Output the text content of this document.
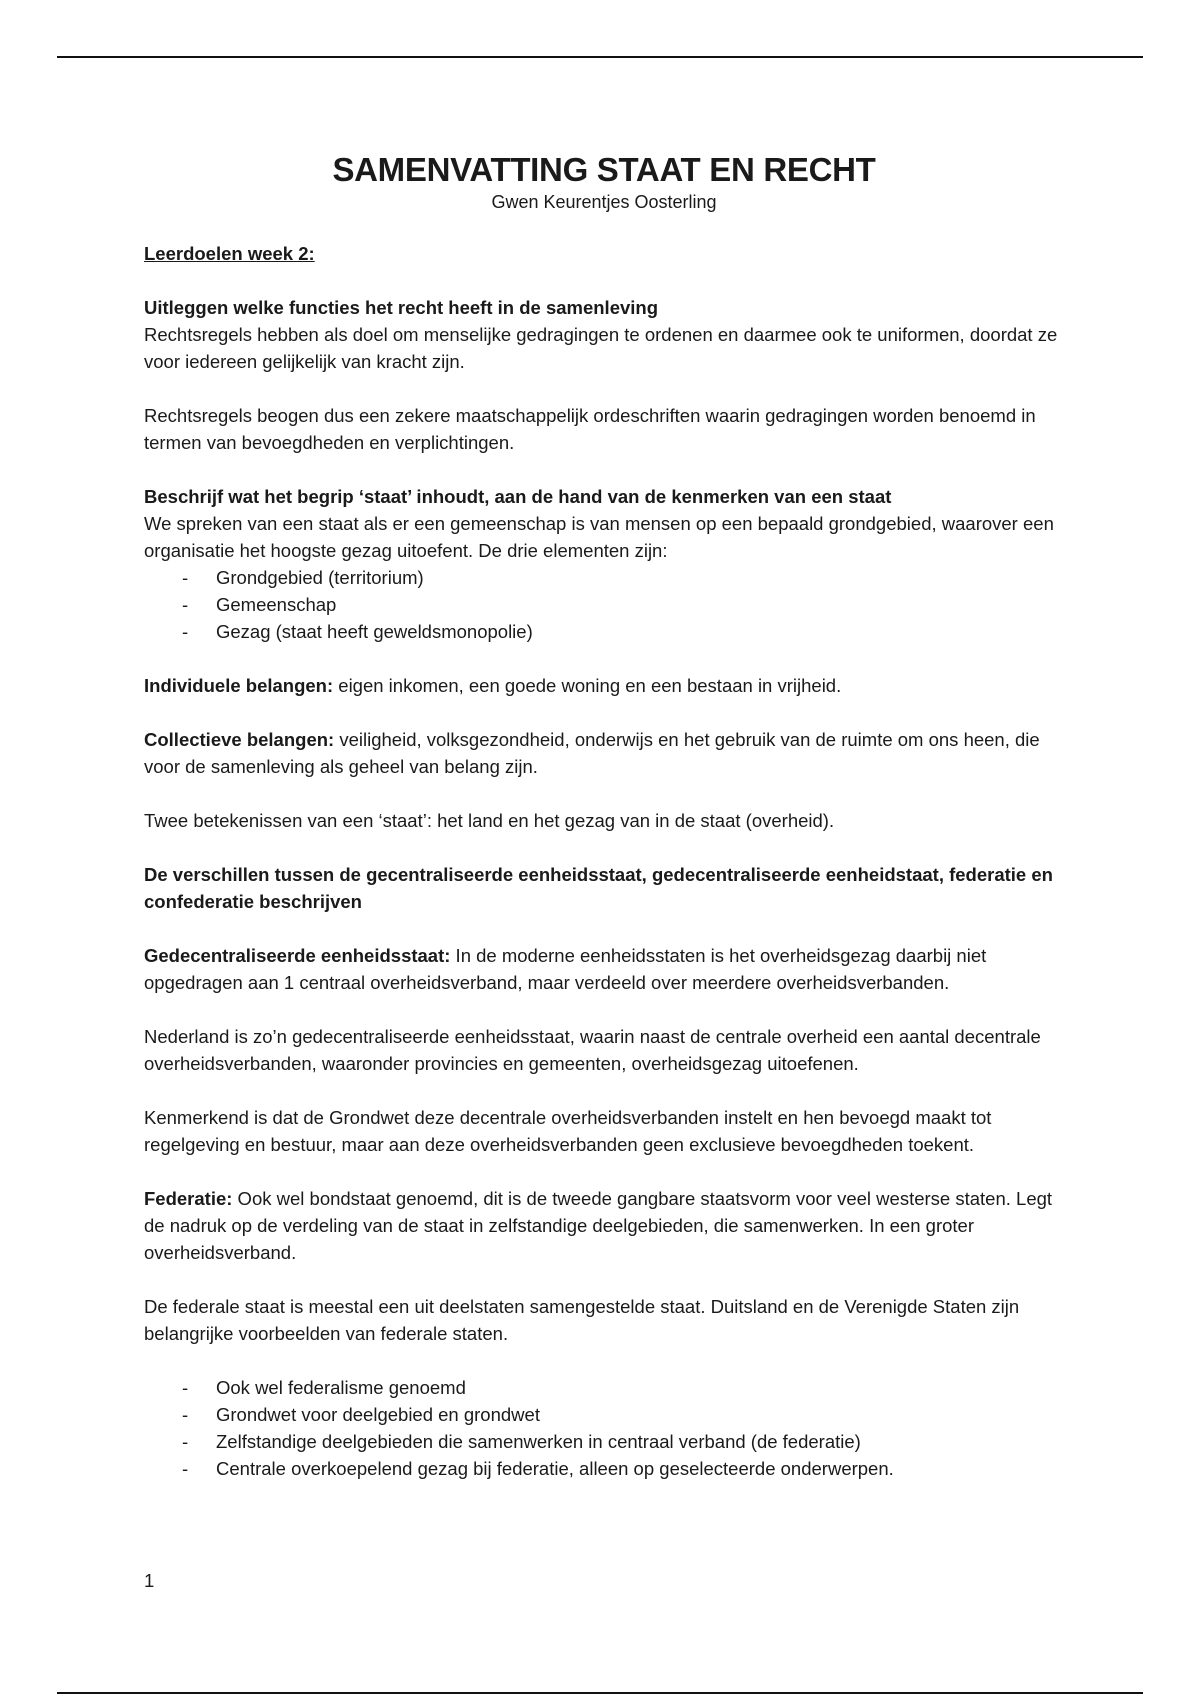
SAMENVATTING STAAT EN RECHT
Gwen Keurentjes Oosterling

Leerdoelen week 2:

Uitleggen welke functies het recht heeft in de samenleving

Rechtsregels hebben als doel om menselijke gedragingen te ordenen en daarmee ook te uniformen, doordat ze voor iedereen gelijkelijk van kracht zijn.

Rechtsregels beogen dus een zekere maatschappelijk ordeschriften waarin gedragingen worden benoemd in termen van bevoegdheden en verplichtingen.

Beschrijf wat het begrip ‘staat’ inhoudt, aan de hand van de kenmerken van een staat
We spreken van een staat als er een gemeenschap is van mensen op een bepaald grondgebied, waarover een organisatie het hoogste gezag uitoefent. De drie elementen zijn:
- Grondgebied (territorium)
- Gemeenschap
- Gezag (staat heeft geweldsmonopolie)

Individuele belangen: eigen inkomen, een goede woning en een bestaan in vrijheid.

Collectieve belangen: veiligheid, volksgezondheid, onderwijs en het gebruik van de ruimte om ons heen, die voor de samenleving als geheel van belang zijn.

Twee betekenissen van een ‘staat’: het land en het gezag van in de staat (overheid).

De verschillen tussen de gecentraliseerde eenheidsstaat, gedecentraliseerde eenheidstaat, federatie en confederatie beschrijven

Gedecentraliseerde eenheidsstaat: In de moderne eenheidsstaten is het overheidsgezag daarbij niet opgedragen aan 1 centraal overheidsverband, maar verdeeld over meerdere overheidsverbanden.

Nederland is zo’n gedecentraliseerde eenheidsstaat, waarin naast de centrale overheid een aantal decentrale overheidsverbanden, waaronder provincies en gemeenten, overheidsgezag uitoefenen.

Kenmerkend is dat de Grondwet deze decentrale overheidsverbanden instelt en hen bevoegd maakt tot regelgeving en bestuur, maar aan deze overheidsverbanden geen exclusieve bevoegdheden toekent.

Federatie: Ook wel bondstaat genoemd, dit is de tweede gangbare staatsvorm voor veel westerse staten. Legt de nadruk op de verdeling van de staat in zelfstandige deelgebieden, die samenwerken. In een groter overheidsverband.

De federale staat is meestal een uit deelstaten samengestelde staat. Duitsland en de Verenigde Staten zijn belangrijke voorbeelden van federale staten.

- Ook wel federalisme genoemd
- Grondwet voor deelgebied en grondwet
- Zelfstandige deelgebieden die samenwerken in centraal verband (de federatie)
- Centrale overkoepelend gezag bij federatie, alleen op geselecteerde onderwerpen.
1
